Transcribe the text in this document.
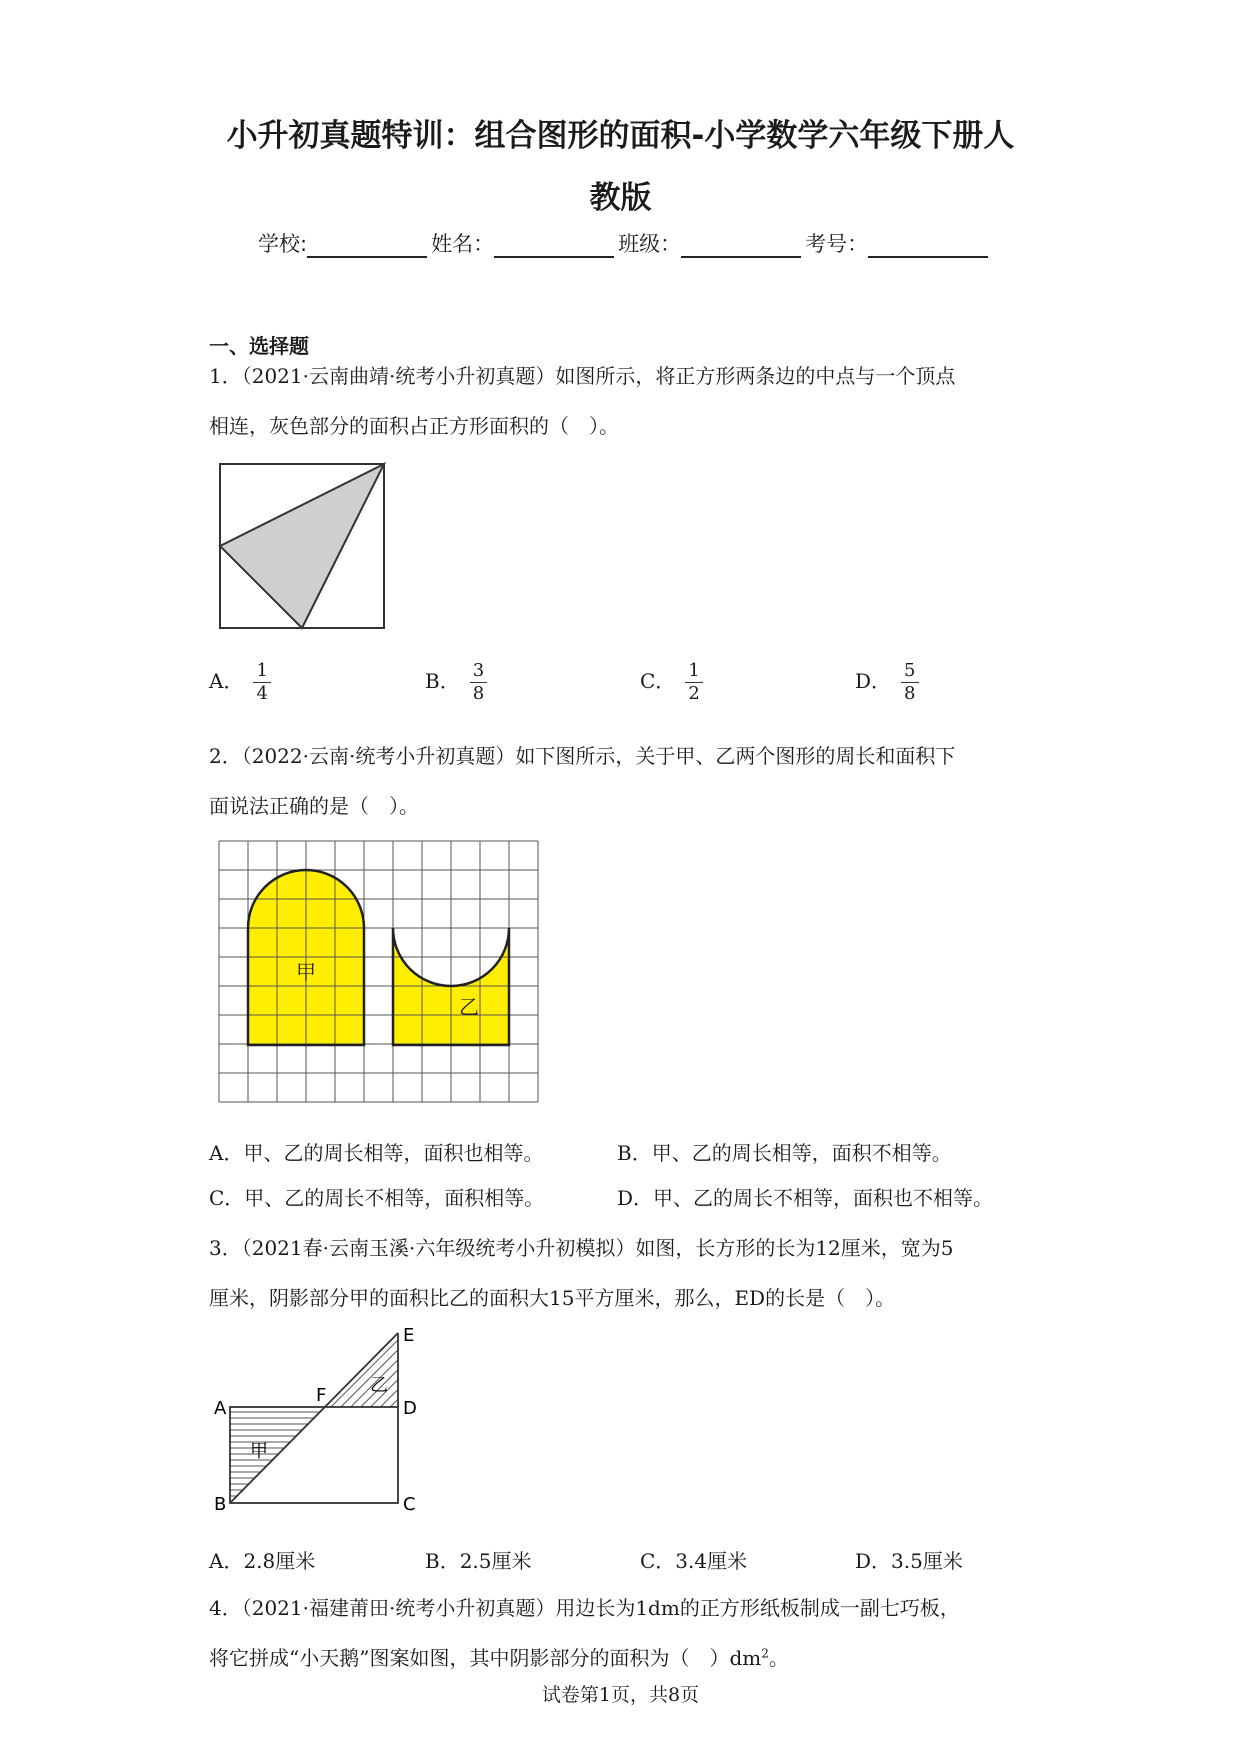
小升初真题特训：组合图形的面积-小学数学六年级下册人
教版
学校:	姓名：	班级：	考号：
一、选择题
1．（2021·云南曲靖·统考小升初真题）如图所示，将正方形两条边的中点与一个顶点
相连，灰色部分的面积占正方形面积的（　）。
A． $\frac{1}{4}$	B． $\frac{3}{8}$	C． $\frac{1}{2}$	D． $\frac{5}{8}$
2．（2022·云南·统考小升初真题）如下图所示，关于甲、乙两个图形的周长和面积下
面说法正确的是（　）。
甲
乙
A．甲、乙的周长相等，面积也相等。	B．甲、乙的周长相等，面积不相等。
C．甲、乙的周长不相等，面积相等。	D．甲、乙的周长不相等，面积也不相等。
3．（2021春·云南玉溪·六年级统考小升初模拟）如图，长方形的长为12厘米，宽为5
厘米，阴影部分甲的面积比乙的面积大15平方厘米，那么，ED的长是（　）。
A
B	C
D
E
F
甲
乙
A．2.8厘米	B．2.5厘米	C．3.4厘米	D．3.5厘米
4．（2021·福建莆田·统考小升初真题）用边长为1dm的正方形纸板制成一副七巧板，
将它拼成“小天鹅”图案如图，其中阴影部分的面积为（　）$dm^2$。
试卷第1页，共8页
